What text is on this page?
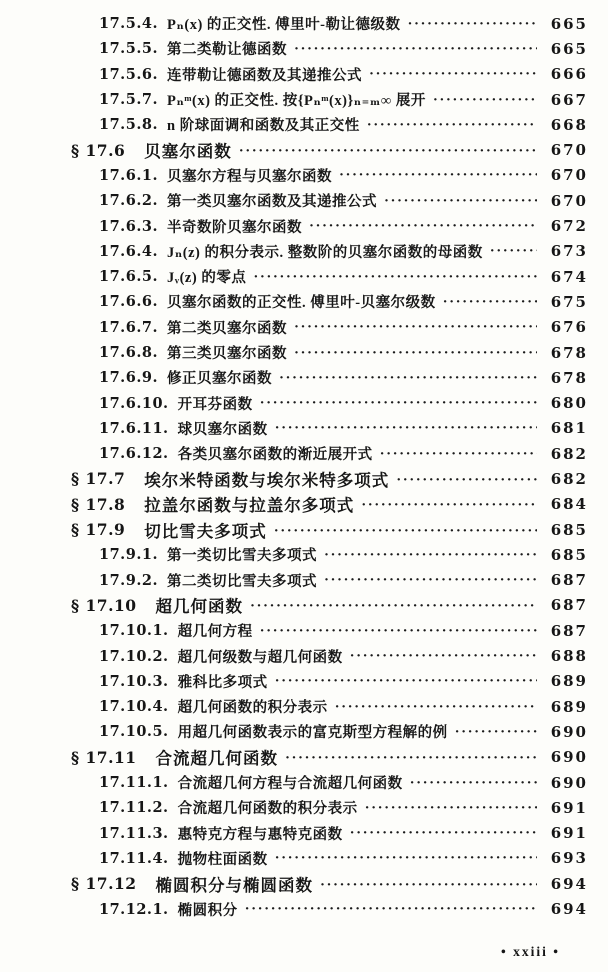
17.5.4. Pₙ(x) 的正交性. 傅里叶-勒让德级数 ·····	665
17.5.5. 第二类勒让德函数 ·····	665
17.5.6. 连带勒让德函数及其递推公式 ·····	666
17.5.7. Pₙᵐ(x) 的正交性. 按{Pₙᵐ(x)}ₙ₌ₘ∞ 展开 ·····	667
17.5.8. n 阶球面调和函数及其正交性 ·····	668
§ 17.6 贝塞尔函数 ·····	670
17.6.1. 贝塞尔方程与贝塞尔函数 ·····	670
17.6.2. 第一类贝塞尔函数及其递推公式 ·····	670
17.6.3. 半奇数阶贝塞尔函数 ·····	672
17.6.4. Jₙ(z) 的积分表示. 整数阶的贝塞尔函数的母函数 ·····	673
17.6.5. Jᵥ(z) 的零点 ·····	674
17.6.6. 贝塞尔函数的正交性. 傅里叶-贝塞尔级数 ·····	675
17.6.7. 第二类贝塞尔函数 ·····	676
17.6.8. 第三类贝塞尔函数 ·····	678
17.6.9. 修正贝塞尔函数 ·····	678
17.6.10. 开耳芬函数 ·····	680
17.6.11. 球贝塞尔函数 ·····	681
17.6.12. 各类贝塞尔函数的渐近展开式 ·····	682
§ 17.7 埃尔米特函数与埃尔米特多项式 ·····	682
§ 17.8 拉盖尔函数与拉盖尔多项式 ·····	684
§ 17.9 切比雪夫多项式 ·····	685
17.9.1. 第一类切比雪夫多项式 ·····	685
17.9.2. 第二类切比雪夫多项式 ·····	687
§ 17.10 超几何函数 ·····	687
17.10.1. 超几何方程 ·····	687
17.10.2. 超几何级数与超几何函数 ·····	688
17.10.3. 雅科比多项式 ·····	689
17.10.4. 超几何函数的积分表示 ·····	689
17.10.5. 用超几何函数表示的富克斯型方程解的例 ·····	690
§ 17.11 合流超几何函数 ·····	690
17.11.1. 合流超几何方程与合流超几何函数 ·····	690
17.11.2. 合流超几何函数的积分表示 ·····	691
17.11.3. 惠特克方程与惠特克函数 ·····	691
17.11.4. 抛物柱面函数 ·····	693
§ 17.12 椭圆积分与椭圆函数 ·····	694
17.12.1. 椭圆积分 ·····	694
• xxiii •
